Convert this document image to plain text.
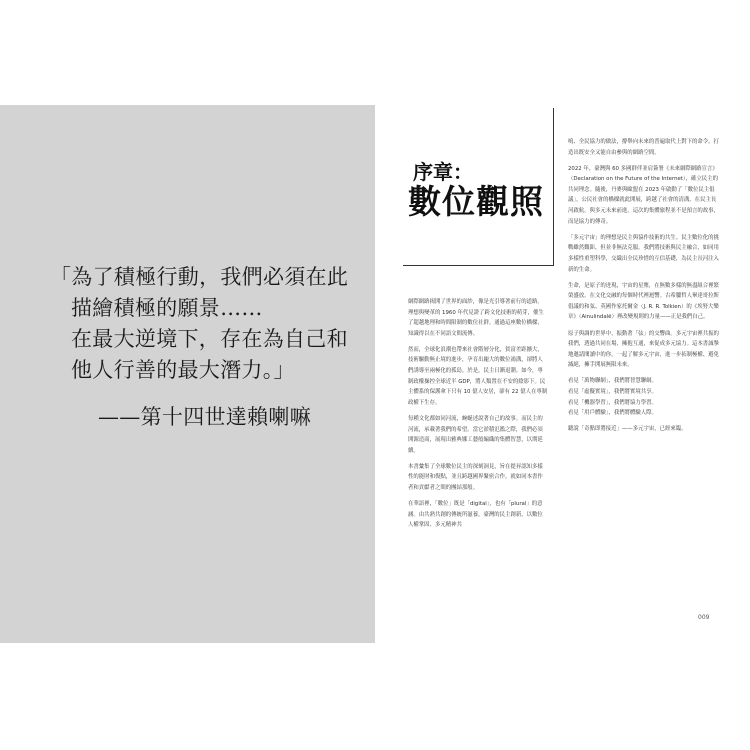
「為了積極行動，我們必須在此
描繪積極的願景……
在最大逆境下，存在為自己和
他人行善的最大潛力。」
——第十四世達賴喇嘛
序章：
數位觀照

網際網路揭開了世界的面紗，像是光引導著前行的道路。理想與變革的 1960 年代見證了跨文化技術的萌芽，催生了超越地理和時間限制的數位社群。通過這座數位橋樑，知識得以在不同語文間流傳。

然而，全球化浪潮也帶來社會階層分化，貧富差距擴大，技術驅動無止境的進步，孕育出龐大的數位鴻溝，卻將人們誘導至兩極化的孤島。於是，民主日漸退潮。如今，專制政權操控全球近半 GDP，將人類置在不安的陰影下。民主體系的保護傘下只有 10 億人安居，卻有 22 億人在專制政權下生存。

每種文化都如同河流，蜿蜒述說著自己的故事。而民主的河流，承載著我們的希望。當它淤積氾濫之際，我們必須開源造商，展現出雅典娜工藝般編織的集體智慧，以期延續。

本書彙集了全球數位民主的深刻洞見，旨在提昇認知多樣性的能財和復點，並且跨越國界緊密合作。就如同本書作者和貢獻者之間的團結那般。

在華語裡，「數位」既是「digital」，也有「plural」的意涵。由共熟共創的傳統所滋養，臺灣的民主創新，以數位人權掌固、多元精神共

鳴、全民協力的做法，撐舉向未來的普遍取代上對下的命令，打造出既安全又能自由參與的網路空間。

2022 年，臺灣與 60 多國群伴並肩簽署《未來網際網路宣言》（Declaration on the Future of the Internet），確立民主的共同理念。隨後，丹麥與歐盟在 2023 年啟動了「數位民主倡議」，公民社會的橋樑就此開展，跨越了社會的清溝，在民主長河啟航，與多元未來前進。這次的集體旅程並不是預言的故事，而是協力的傳奇。

「多元宇宙」的理想是民主與協作技術的共生。民主數位化的挑戰雖然艱鉅，但並非無法克服。我們將技術與民主融合，如同用多樣性重塑科學，交織出全民珍惜的互信基礎，為民主長河注入新的生命。

生命，是原子的迸現，宇宙的星塵，在無數多樣的無盡組合裡繁榮盛放，在文化交融的每個時代裡迴響。古希臘哲人畢達哥拉斯倡議的和弦、英國作家托爾金（J. R. R. Tolkien）的《埃努大樂章》（Ainulindalë）裡改變規則的力量——正是我們自己。

原子與調的世界中，振動著「弦」的交響曲。多元宇宙裡共振的我們，透過共同在場，擁抱互通，來促成多元協力。這本書誠摯地邀請閱讀中的你，一起了解多元宇宙，進一步拓制極權、避免滅絕，擁手開展無限未來。

看見「萬物聯網」，我們將智慧聯網。
看見「虛擬實境」，我們將實境共享。
看見「機器學習」，我們將協力學習。
看見「用戶體驗」，我們將體驗人際。

聽說「奇點即將接近」——多元宇宙，已經來臨。

009
